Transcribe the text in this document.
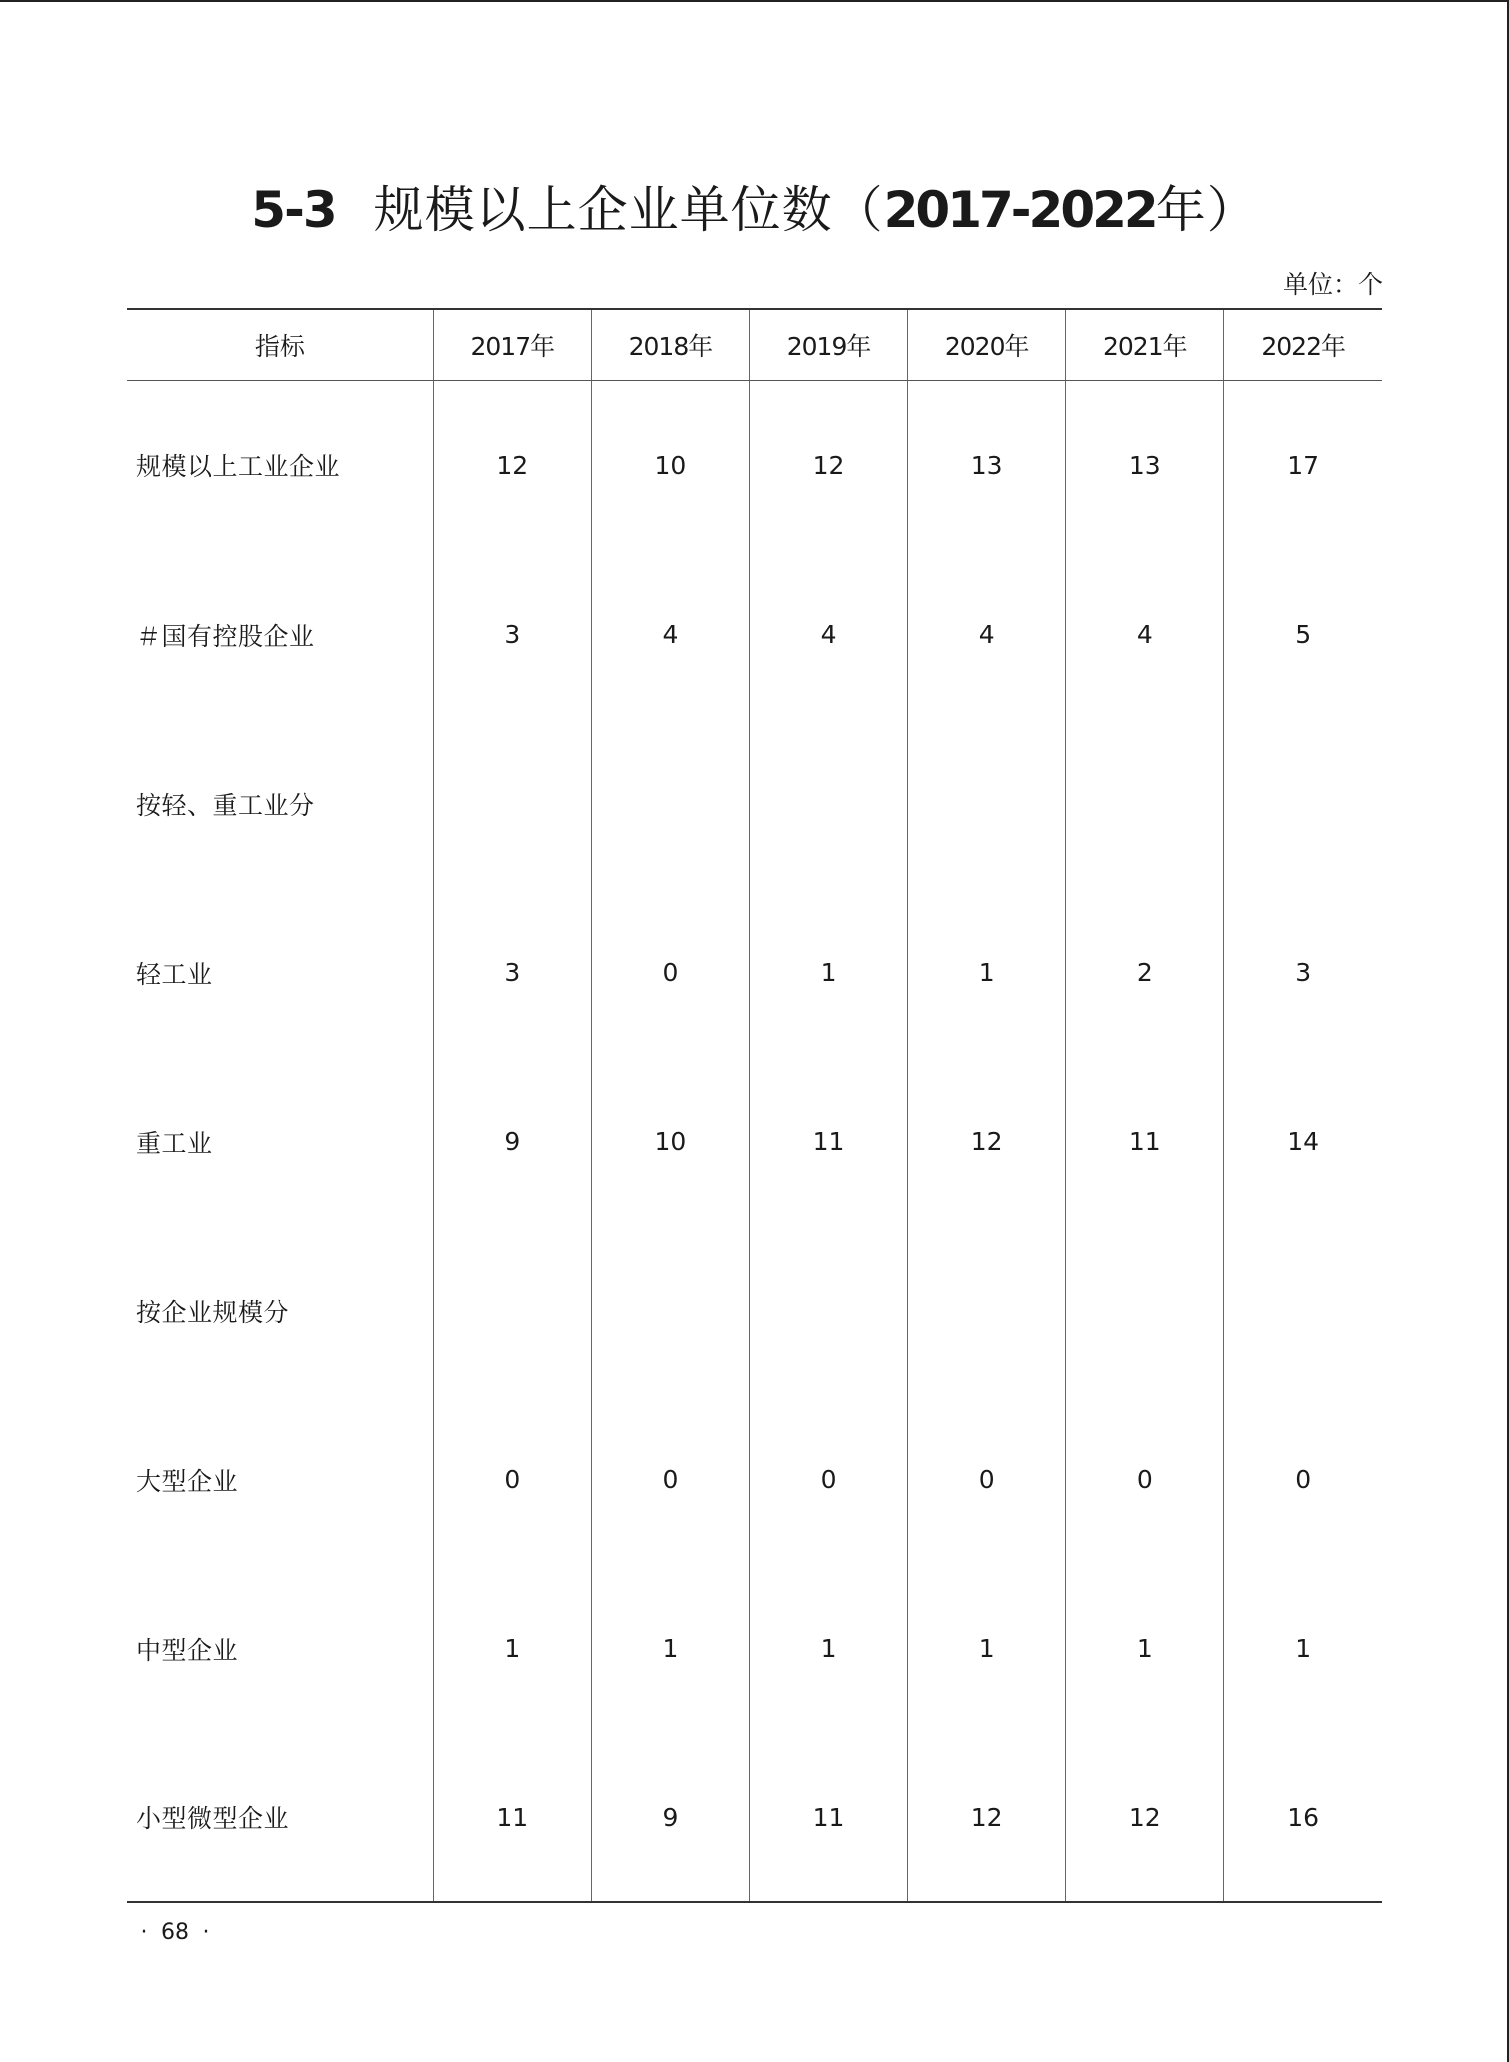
5-3 规模以上企业单位数（2017-2022年）
单位：个
指标	2017年	2018年	2019年	2020年	2021年	2022年
规模以上工业企业	12	10	12	13	13	17
＃国有控股企业	3	4	4	4	4	5
按轻、重工业分						
轻工业	3	0	1	1	2	3
重工业	9	10	11	12	11	14
按企业规模分						
大型企业	0	0	0	0	0	0
中型企业	1	1	1	1	1	1
小型微型企业	11	9	11	12	12	16
· 68 ·
